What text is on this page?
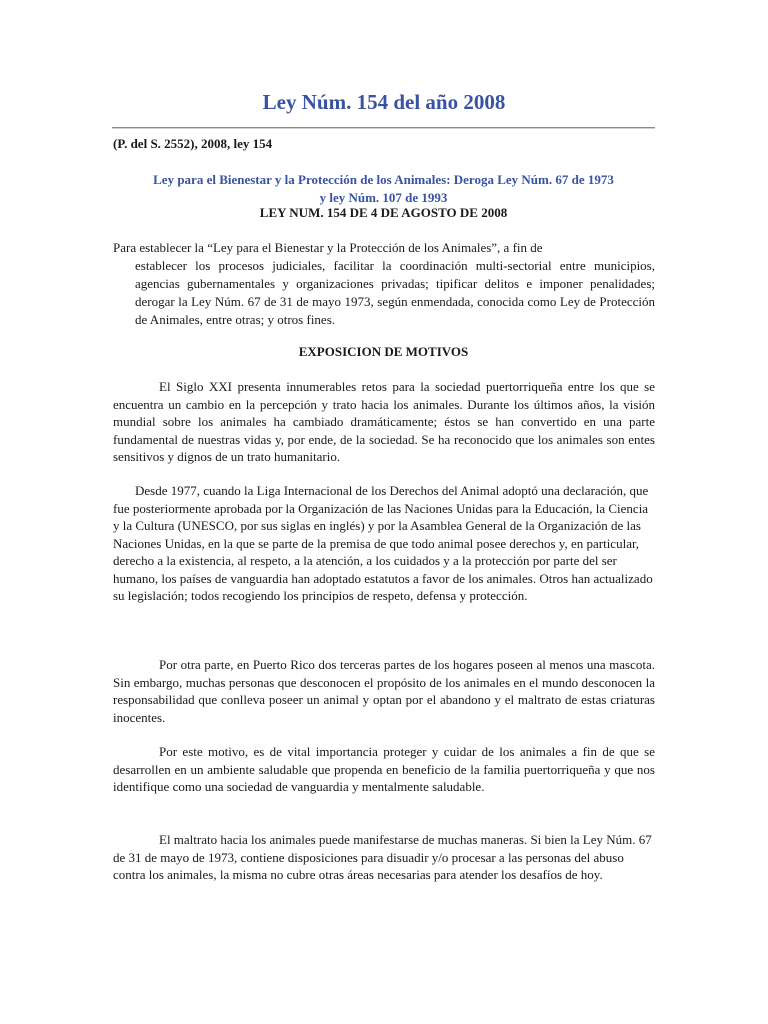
Ley Núm. 154 del año 2008
(P. del S. 2552), 2008, ley 154
Ley para el Bienestar y la Protección de los Animales: Deroga Ley Núm. 67 de 1973
y ley Núm. 107 de 1993
LEY NUM. 154 DE 4 DE AGOSTO DE 2008
Para establecer la “Ley para el Bienestar y la Protección de los Animales”, a fin de
establecer los procesos judiciales, facilitar la coordinación multi-sectorial entre municipios, agencias gubernamentales y organizaciones privadas; tipificar delitos e imponer penalidades; derogar la Ley Núm. 67 de 31 de mayo 1973, según enmendada, conocida como Ley de Protección de Animales, entre otras; y otros fines.
EXPOSICION DE MOTIVOS

El Siglo XXI presenta innumerables retos para la sociedad puertorriqueña entre los que se encuentra un cambio en la percepción y trato hacia los animales. Durante los últimos años, la visión mundial sobre los animales ha cambiado dramáticamente; éstos se han convertido en una parte fundamental de nuestras vidas y, por ende, de la sociedad. Se ha reconocido que los animales son entes sensitivos y dignos de un trato humanitario.

Desde 1977, cuando la Liga Internacional de los Derechos del Animal adoptó una declaración, que fue posteriormente aprobada por la Organización de las Naciones Unidas para la Educación, la Ciencia y la Cultura (UNESCO, por sus siglas en inglés) y por la Asamblea General de la Organización de las Naciones Unidas, en la que se parte de la premisa de que todo animal posee derechos y, en particular, derecho a la existencia, al respeto, a la atención, a los cuidados y a la protección por parte del ser humano, los países de vanguardia han adoptado estatutos a favor de los animales. Otros han actualizado su legislación; todos recogiendo los principios de respeto, defensa y protección.

Por otra parte, en Puerto Rico dos terceras partes de los hogares poseen al menos una mascota. Sin embargo, muchas personas que desconocen el propósito de los animales en el mundo desconocen la responsabilidad que conlleva poseer un animal y optan por el abandono y el maltrato de estas criaturas inocentes.

Por este motivo, es de vital importancia proteger y cuidar de los animales a fin de que se desarrollen en un ambiente saludable que propenda en beneficio de la familia puertorriqueña y que nos identifique como una sociedad de vanguardia y mentalmente saludable.

El maltrato hacia los animales puede manifestarse de muchas maneras. Si bien la Ley Núm. 67 de 31 de mayo de 1973, contiene disposiciones para disuadir y/o procesar a las personas del abuso contra los animales, la misma no cubre otras áreas necesarias para atender los desafíos de hoy.
